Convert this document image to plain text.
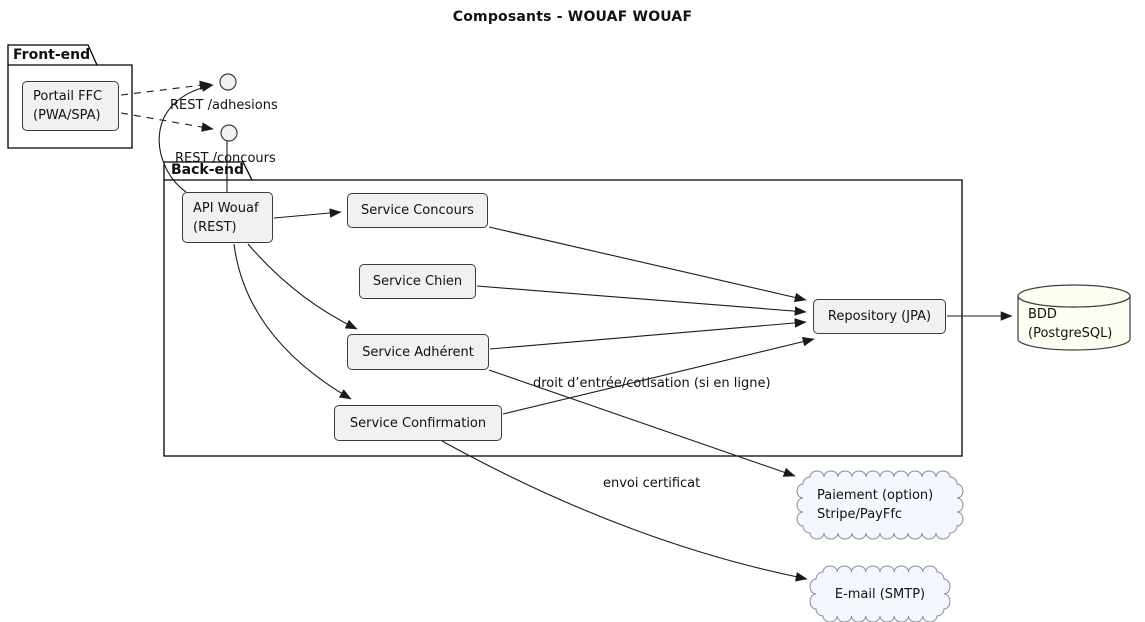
Composants - WOUAF WOUAF
Front-end
Back-end
Portail FFC
(PWA/SPA)
API Wouaf
(REST)
Service Concours
Service Chien
Service Adhérent
Service Confirmation
Repository (JPA)	BDD
(PostgreSQL)
Paiement (option)
Stripe/PayFfc
E-mail (SMTP)
REST /adhesions
REST /concours
droit d’entrée/cotisation (si en ligne)
envoi certificat
